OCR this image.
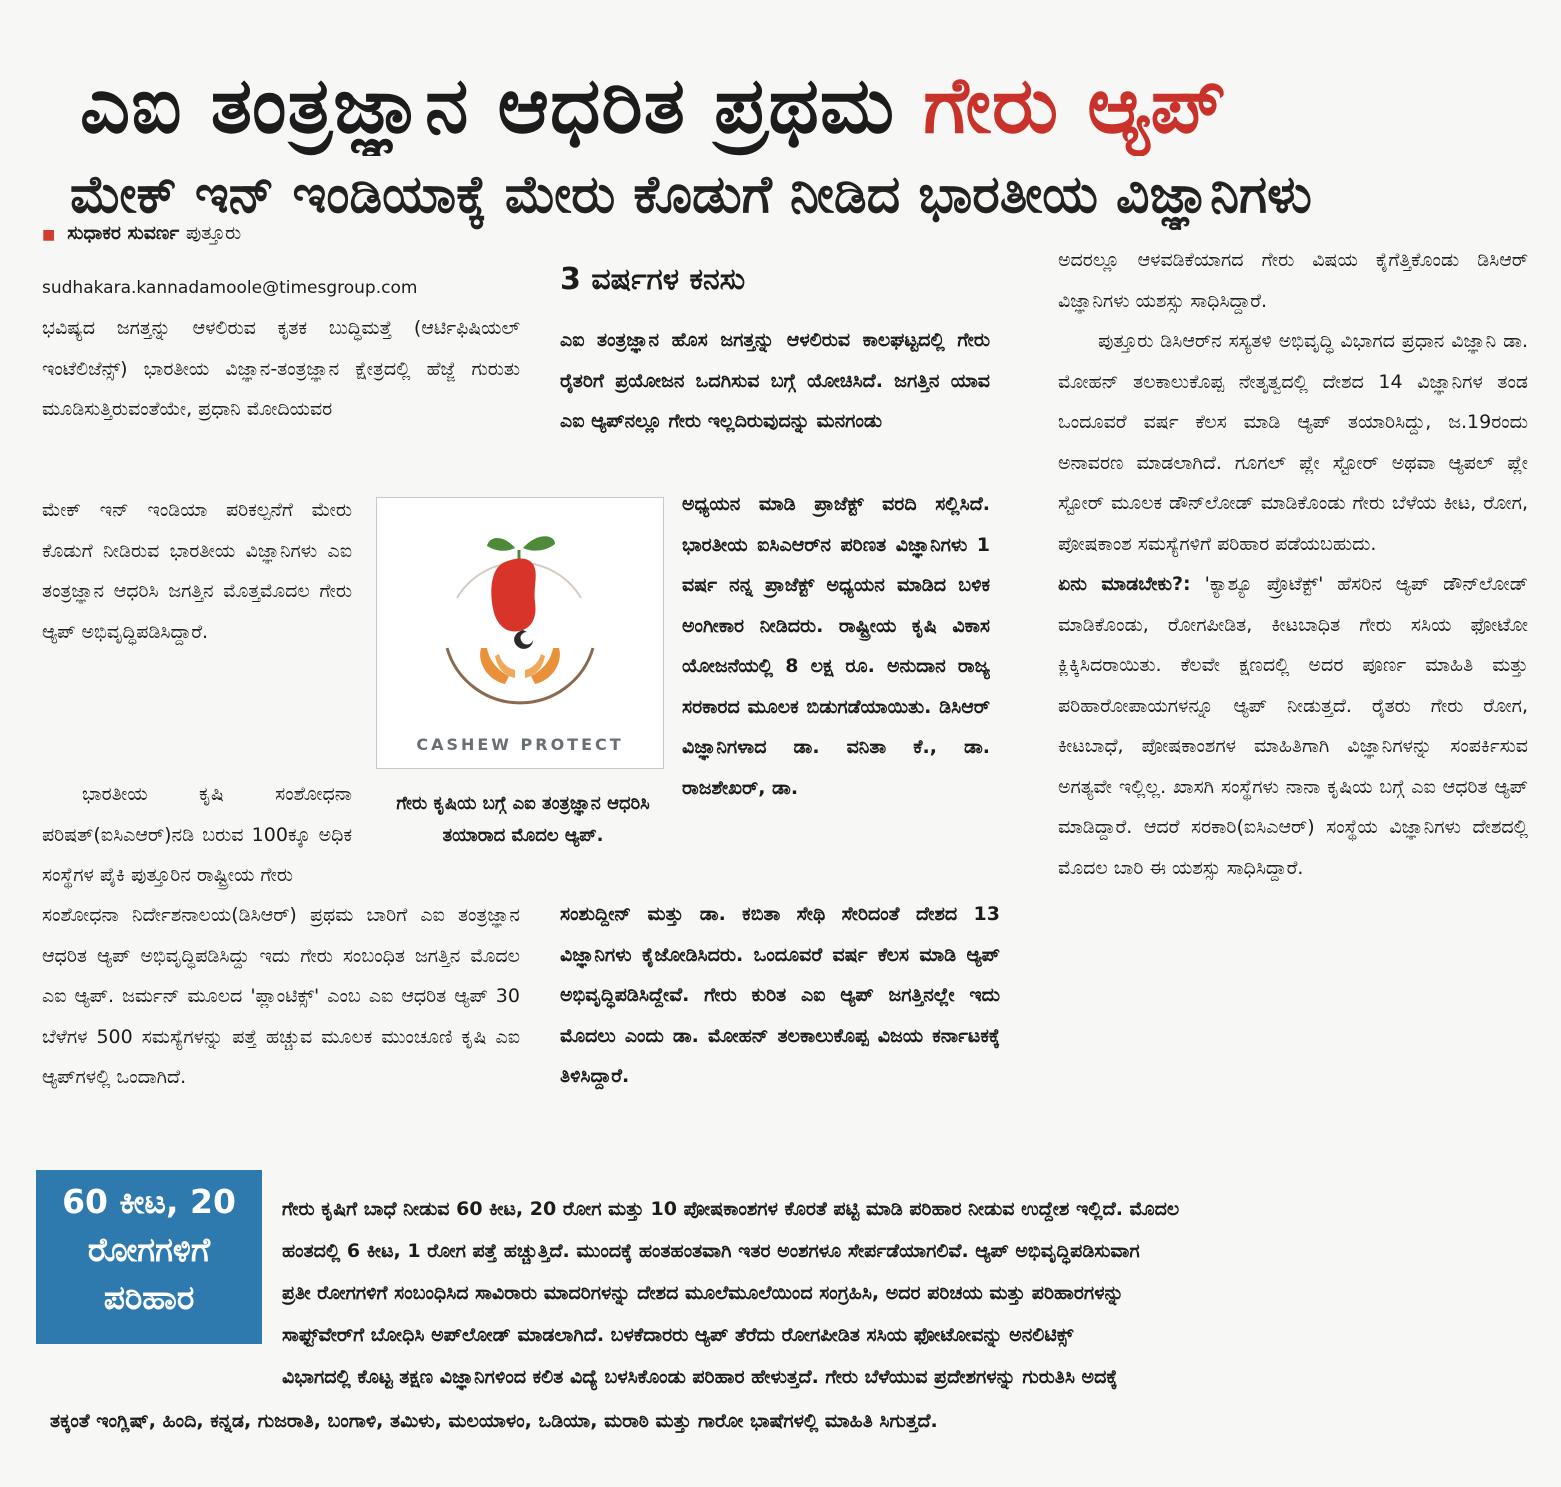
ಎಐ ತಂತ್ರಜ್ಞಾನ ಆಧರಿತ ಪ್ರಥಮ ಗೇರು ಆ್ಯಪ್
ಮೇಕ್ ಇನ್ ಇಂಡಿಯಾಕ್ಕೆ ಮೇರು ಕೊಡುಗೆ ನೀಡಿದ ಭಾರತೀಯ ವಿಜ್ಞಾನಿಗಳು
■ ಸುಧಾಕರ ಸುವರ್ಣ ಪುತ್ತೂರು
sudhakara.kannadamoole@timesgroup.com

ಭವಿಷ್ಯದ ಜಗತ್ತನ್ನು ಆಳಲಿರುವ ಕೃತಕ ಬುದ್ಧಿಮತ್ತೆ (ಆರ್ಟಿಫಿಷಿಯಲ್ ಇಂಟೆಲಿಜೆನ್ಸ್) ಭಾರತೀಯ ವಿಜ್ಞಾನ-ತಂತ್ರಜ್ಞಾನ ಕ್ಷೇತ್ರದಲ್ಲಿ ಹೆಜ್ಜೆ ಗುರುತು ಮೂಡಿಸುತ್ತಿರುವಂತೆಯೇ, ಪ್ರಧಾನಿ ಮೋದಿಯವರ

ಮೇಕ್ ಇನ್ ಇಂಡಿಯಾ ಪರಿಕಲ್ಪನೆಗೆ ಮೇರು ಕೊಡುಗೆ ನೀಡಿರುವ ಭಾರತೀಯ ವಿಜ್ಞಾನಿಗಳು ಎಐ ತಂತ್ರಜ್ಞಾನ ಆಧರಿಸಿ ಜಗತ್ತಿನ ಮೊತ್ತಮೊದಲ ಗೇರು ಆ್ಯಪ್ ಅಭಿವೃದ್ಧಿಪಡಿಸಿದ್ದಾರೆ.

ಭಾರತೀಯ ಕೃಷಿ ಸಂಶೋಧನಾ ಪರಿಷತ್(ಐಸಿಎಆರ್)ನಡಿ ಬರುವ 100ಕ್ಕೂ ಅಧಿಕ ಸಂಸ್ಥೆಗಳ ಪೈಕಿ ಪುತ್ತೂರಿನ ರಾಷ್ಟ್ರೀಯ ಗೇರು

ಸಂಶೋಧನಾ ನಿರ್ದೇಶನಾಲಯ(ಡಿಸಿಆರ್) ಪ್ರಥಮ ಬಾರಿಗೆ ಎಐ ತಂತ್ರಜ್ಞಾನ ಆಧರಿತ ಆ್ಯಪ್ ಅಭಿವೃದ್ಧಿಪಡಿಸಿದ್ದು ಇದು ಗೇರು ಸಂಬಂಧಿತ ಜಗತ್ತಿನ ಮೊದಲ ಎಐ ಆ್ಯಪ್. ಜರ್ಮನ್ ಮೂಲದ 'ಪ್ಲಾಂಟಿಕ್ಸ್' ಎಂಬ ಎಐ ಆಧರಿತ ಆ್ಯಪ್ 30 ಬೆಳೆಗಳ 500 ಸಮಸ್ಯೆಗಳನ್ನು ಪತ್ತೆ ಹಚ್ಚುವ ಮೂಲಕ ಮುಂಚೂಣಿ ಕೃಷಿ ಎಐ ಆ್ಯಪ್‌ಗಳಲ್ಲಿ ಒಂದಾಗಿದೆ.

3 ವರ್ಷಗಳ ಕನಸು

ಎಐ ತಂತ್ರಜ್ಞಾನ ಹೊಸ ಜಗತ್ತನ್ನು ಆಳಲಿರುವ ಕಾಲಘಟ್ಟದಲ್ಲಿ ಗೇರು ರೈತರಿಗೆ ಪ್ರಯೋಜನ ಒದಗಿಸುವ ಬಗ್ಗೆ ಯೋಚಿಸಿದೆ. ಜಗತ್ತಿನ ಯಾವ ಎಐ ಆ್ಯಪ್‌ನಲ್ಲೂ ಗೇರು ಇಲ್ಲದಿರುವುದನ್ನು ಮನಗಂಡು

ಅಧ್ಯಯನ ಮಾಡಿ ಪ್ರಾಜೆಕ್ಟ್ ವರದಿ ಸಲ್ಲಿಸಿದೆ. ಭಾರತೀಯ ಐಸಿಎಆರ್‌ನ ಪರಿಣತ ವಿಜ್ಞಾನಿಗಳು 1 ವರ್ಷ ನನ್ನ ಪ್ರಾಜೆಕ್ಟ್ ಅಧ್ಯಯನ ಮಾಡಿದ ಬಳಿಕ ಅಂಗೀಕಾರ ನೀಡಿದರು. ರಾಷ್ಟ್ರೀಯ ಕೃಷಿ ವಿಕಾಸ ಯೋಜನೆಯಲ್ಲಿ 8 ಲಕ್ಷ ರೂ. ಅನುದಾನ ರಾಜ್ಯ ಸರಕಾರದ ಮೂಲಕ ಬಿಡುಗಡೆಯಾಯಿತು. ಡಿಸಿಆರ್ ವಿಜ್ಞಾನಿಗಳಾದ ಡಾ. ವನಿತಾ ಕೆ., ಡಾ. ರಾಜಶೇಖರ್, ಡಾ.

ಸಂಶುದ್ದೀನ್ ಮತ್ತು ಡಾ. ಕಬಿತಾ ಸೇಥಿ ಸೇರಿದಂತೆ ದೇಶದ 13 ವಿಜ್ಞಾನಿಗಳು ಕೈಜೋಡಿಸಿದರು. ಒಂದೂವರೆ ವರ್ಷ ಕೆಲಸ ಮಾಡಿ ಆ್ಯಪ್ ಅಭಿವೃದ್ಧಿಪಡಿಸಿದ್ದೇವೆ. ಗೇರು ಕುರಿತ ಎಐ ಆ್ಯಪ್ ಜಗತ್ತಿನಲ್ಲೇ ಇದು ಮೊದಲು ಎಂದು ಡಾ. ಮೋಹನ್ ತಲಕಾಲುಕೊಪ್ಪ ವಿಜಯ ಕರ್ನಾಟಕಕ್ಕೆ ತಿಳಿಸಿದ್ದಾರೆ.

CASHEW PROTECT
ಗೇರು ಕೃಷಿಯ ಬಗ್ಗೆ ಎಐ ತಂತ್ರಜ್ಞಾನ ಆಧರಿಸಿ ತಯಾರಾದ ಮೊದಲ ಆ್ಯಪ್.

ಅದರಲ್ಲೂ ಆಳವಡಿಕೆಯಾಗದ ಗೇರು ವಿಷಯ ಕೈಗೆತ್ತಿಕೊಂಡು ಡಿಸಿಆರ್ ವಿಜ್ಞಾನಿಗಳು ಯಶಸ್ಸು ಸಾಧಿಸಿದ್ದಾರೆ.

ಪುತ್ತೂರು ಡಿಸಿಆರ್‌ನ ಸಸ್ಯತಳಿ ಅಭಿವೃದ್ಧಿ ವಿಭಾಗದ ಪ್ರಧಾನ ವಿಜ್ಞಾನಿ ಡಾ. ಮೋಹನ್ ತಲಕಾಲುಕೊಪ್ಪ ನೇತೃತ್ವದಲ್ಲಿ ದೇಶದ 14 ವಿಜ್ಞಾನಿಗಳ ತಂಡ ಒಂದೂವರೆ ವರ್ಷ ಕೆಲಸ ಮಾಡಿ ಆ್ಯಪ್ ತಯಾರಿಸಿದ್ದು, ಜ.19ರಂದು ಅನಾವರಣ ಮಾಡಲಾಗಿದೆ. ಗೂಗಲ್ ಪ್ಲೇ ಸ್ಟೋರ್ ಅಥವಾ ಆ್ಯಪಲ್ ಪ್ಲೇ ಸ್ಟೋರ್ ಮೂಲಕ ಡೌನ್‌ಲೋಡ್ ಮಾಡಿಕೊಂಡು ಗೇರು ಬೆಳೆಯ ಕೀಟ, ರೋಗ, ಪೋಷಕಾಂಶ ಸಮಸ್ಯೆಗಳಿಗೆ ಪರಿಹಾರ ಪಡೆಯಬಹುದು.

ಏನು ಮಾಡಬೇಕು?: 'ಕ್ಯಾಶ್ಯೂ ಪ್ರೊಟೆಕ್ಟ್' ಹೆಸರಿನ ಆ್ಯಪ್ ಡೌನ್‌ಲೋಡ್ ಮಾಡಿಕೊಂಡು, ರೋಗಪೀಡಿತ, ಕೀಟಬಾಧಿತ ಗೇರು ಸಸಿಯ ಫೋಟೋ ಕ್ಲಿಕ್ಕಿಸಿದರಾಯಿತು. ಕೆಲವೇ ಕ್ಷಣದಲ್ಲಿ ಅದರ ಪೂರ್ಣ ಮಾಹಿತಿ ಮತ್ತು ಪರಿಹಾರೋಪಾಯಗಳನ್ನೂ ಆ್ಯಪ್ ನೀಡುತ್ತದೆ. ರೈತರು ಗೇರು ರೋಗ, ಕೀಟಬಾಧೆ, ಪೋಷಕಾಂಶಗಳ ಮಾಹಿತಿಗಾಗಿ ವಿಜ್ಞಾನಿಗಳನ್ನು ಸಂಪರ್ಕಿಸುವ ಅಗತ್ಯವೇ ಇಲ್ಲಿಲ್ಲ. ಖಾಸಗಿ ಸಂಸ್ಥೆಗಳು ನಾನಾ ಕೃಷಿಯ ಬಗ್ಗೆ ಎಐ ಆಧರಿತ ಆ್ಯಪ್ ಮಾಡಿದ್ದಾರೆ. ಆದರೆ ಸರಕಾರಿ(ಐಸಿಎಆರ್) ಸಂಸ್ಥೆಯ ವಿಜ್ಞಾನಿಗಳು ದೇಶದಲ್ಲಿ ಮೊದಲ ಬಾರಿ ಈ ಯಶಸ್ಸು ಸಾಧಿಸಿದ್ದಾರೆ.

60 ಕೀಟ, 20
ರೋಗಗಳಿಗೆ
ಪರಿಹಾರ
ಗೇರು ಕೃಷಿಗೆ ಬಾಧೆ ನೀಡುವ 60 ಕೀಟ, 20 ರೋಗ ಮತ್ತು 10 ಪೋಷಕಾಂಶಗಳ ಕೊರತೆ ಪಟ್ಟಿ ಮಾಡಿ ಪರಿಹಾರ ನೀಡುವ ಉದ್ದೇಶ ಇಲ್ಲಿದೆ. ಮೊದಲ
ಹಂತದಲ್ಲಿ 6 ಕೀಟ, 1 ರೋಗ ಪತ್ತೆ ಹಚ್ಚುತ್ತಿದೆ. ಮುಂದಕ್ಕೆ ಹಂತಹಂತವಾಗಿ ಇತರ ಅಂಶಗಳೂ ಸೇರ್ಪಡೆಯಾಗಲಿವೆ. ಆ್ಯಪ್ ಅಭಿವೃದ್ಧಿಪಡಿಸುವಾಗ
ಪ್ರತೀ ರೋಗಗಳಿಗೆ ಸಂಬಂಧಿಸಿದ ಸಾವಿರಾರು ಮಾದರಿಗಳನ್ನು ದೇಶದ ಮೂಲೆಮೂಲೆಯಿಂದ ಸಂಗ್ರಹಿಸಿ, ಅದರ ಪರಿಚಯ ಮತ್ತು ಪರಿಹಾರಗಳನ್ನು
ಸಾಫ್ಟ್‌ವೇರ್‌ಗೆ ಬೋಧಿಸಿ ಅಪ್‌ಲೋಡ್ ಮಾಡಲಾಗಿದೆ. ಬಳಕೆದಾರರು ಆ್ಯಪ್ ತೆರೆದು ರೋಗಪೀಡಿತ ಸಸಿಯ ಫೋಟೋವನ್ನು ಅನಲಿಟಿಕ್ಸ್
ವಿಭಾಗದಲ್ಲಿ ಕೊಟ್ಟ ತಕ್ಷಣ ವಿಜ್ಞಾನಿಗಳಿಂದ ಕಲಿತ ವಿದ್ಯೆ ಬಳಸಿಕೊಂಡು ಪರಿಹಾರ ಹೇಳುತ್ತದೆ. ಗೇರು ಬೆಳೆಯುವ ಪ್ರದೇಶಗಳನ್ನು ಗುರುತಿಸಿ ಅದಕ್ಕೆ
ತಕ್ಕಂತೆ ಇಂಗ್ಲಿಷ್, ಹಿಂದಿ, ಕನ್ನಡ, ಗುಜರಾತಿ, ಬಂಗಾಳಿ, ತಮಿಳು, ಮಲಯಾಳಂ, ಒಡಿಯಾ, ಮರಾಠಿ ಮತ್ತು ಗಾರೋ ಭಾಷೆಗಳಲ್ಲಿ ಮಾಹಿತಿ ಸಿಗುತ್ತದೆ.
